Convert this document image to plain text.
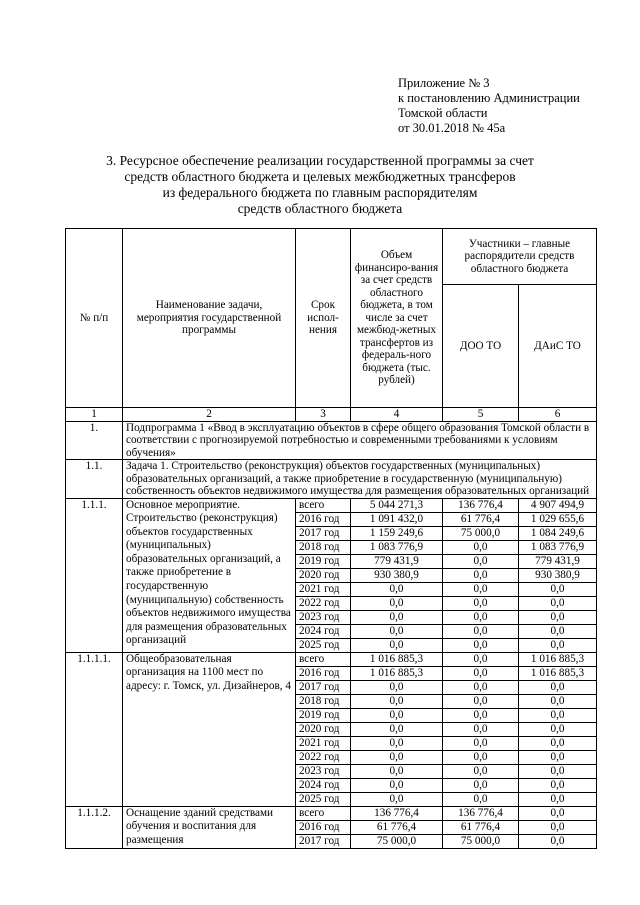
Приложение № 3
к постановлению Администрации
Томской области
от 30.01.2018 № 45а
3. Ресурсное обеспечение реализации государственной программы за счет
средств областного бюджета и целевых межбюджетных трансферов
из федерального бюджета по главным распорядителям
средств областного бюджета
№ п/п	Наименование задачи, мероприятия государственной программы	Срок испол-нения	Объем финансиро-вания за счет средств областного бюджета, в том числе за счет межбюд-жетных трансфертов из федераль-ного бюджета (тыс. рублей)	Участники – главные распорядители средств областного бюджета	
				ДОО ТО	ДАиС ТО
1	2	3	4	5	6
1.	Подпрограмма 1 «Ввод в эксплуатацию объектов в сфере общего образования Томской области в соответствии с прогнозируемой потребностью и современными требованиями к условиям обучения»				
1.1.	Задача 1. Строительство (реконструкция) объектов государственных (муниципальных) образовательных организаций, а также приобретение в государственную (муниципальную) собственность объектов недвижимого имущества для размещения образовательных организаций				
1.1.1.	Основное мероприятие. Строительство (реконструкция) объектов государственных (муниципальных) образовательных организаций, а также приобретение в государственную (муниципальную) собственность объектов недвижимого имущества для размещения образовательных организаций	всего	5 044 271,3	136 776,4	4 907 494,9
		2016 год	1 091 432,0	61 776,4	1 029 655,6
		2017 год	1 159 249,6	75 000,0	1 084 249,6
		2018 год	1 083 776,9	0,0	1 083 776,9
		2019 год	779 431,9	0,0	779 431,9
		2020 год	930 380,9	0,0	930 380,9
		2021 год	0,0	0,0	0,0
		2022 год	0,0	0,0	0,0
		2023 год	0,0	0,0	0,0
		2024 год	0,0	0,0	0,0
		2025 год	0,0	0,0	0,0
1.1.1.1.	Общеобразовательная организация на 1100 мест по адресу: г. Томск, ул. Дизайнеров, 4	всего	1 016 885,3	0,0	1 016 885,3
		2016 год	1 016 885,3	0,0	1 016 885,3
		2017 год	0,0	0,0	0,0
		2018 год	0,0	0,0	0,0
		2019 год	0,0	0,0	0,0
		2020 год	0,0	0,0	0,0
		2021 год	0,0	0,0	0,0
		2022 год	0,0	0,0	0,0
		2023 год	0,0	0,0	0,0
		2024 год	0,0	0,0	0,0
		2025 год	0,0	0,0	0,0
1.1.1.2.	Оснащение зданий средствами обучения и воспитания для размещения	всего	136 776,4	136 776,4	0,0
		2016 год	61 776,4	61 776,4	0,0
		2017 год	75 000,0	75 000,0	0,0
